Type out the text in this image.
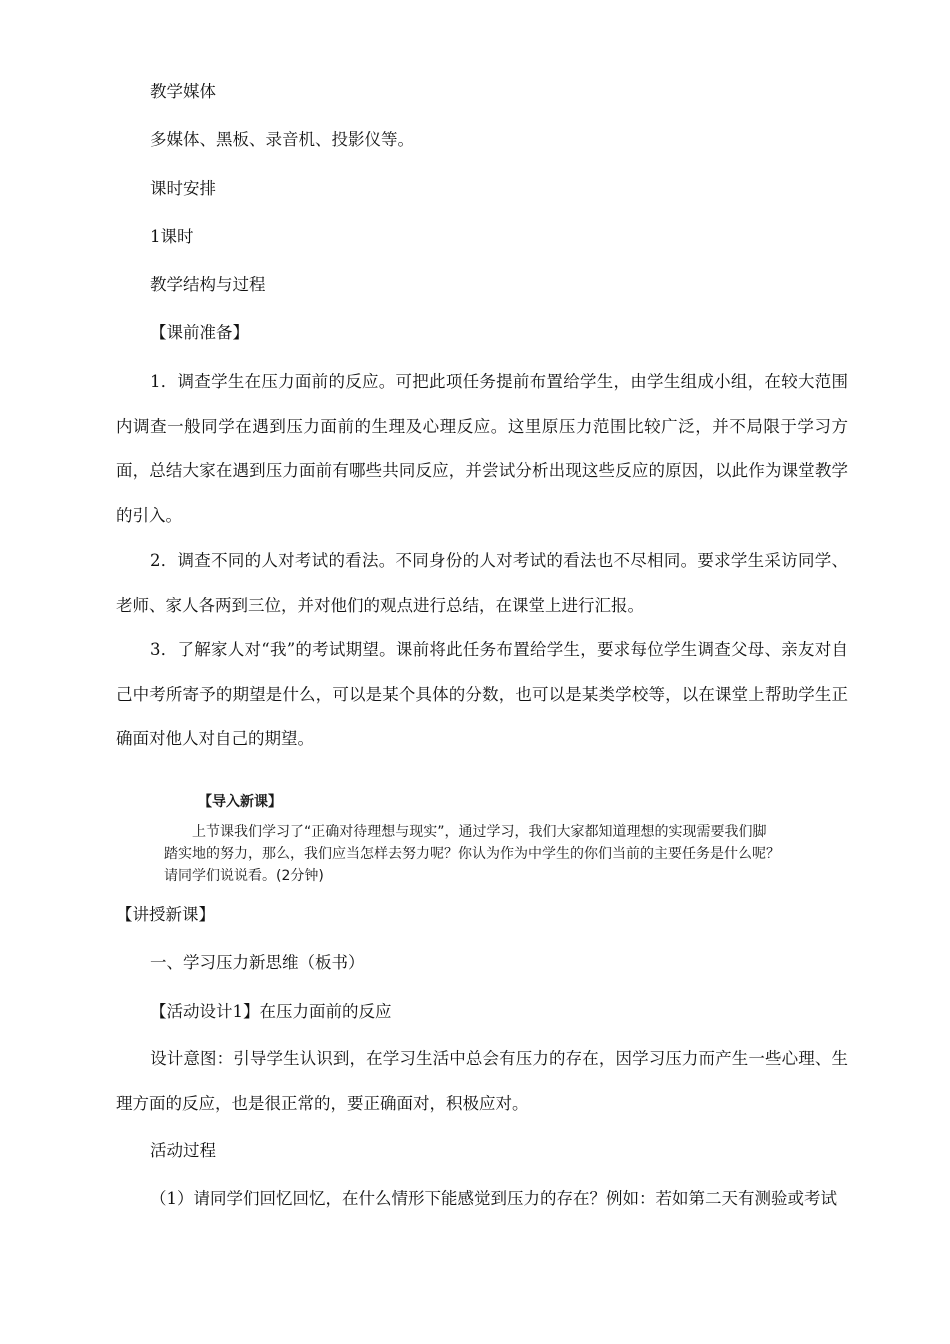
教学媒体
多媒体、黑板、录音机、投影仪等。
课时安排
1课时
教学结构与过程
【课前准备】
1．调查学生在压力面前的反应。可把此项任务提前布置给学生，由学生组成小组，在较大范围内调查一般同学在遇到压力面前的生理及心理反应。这里原压力范围比较广泛，并不局限于学习方面，总结大家在遇到压力面前有哪些共同反应，并尝试分析出现这些反应的原因，以此作为课堂教学的引入。
2．调查不同的人对考试的看法。不同身份的人对考试的看法也不尽相同。要求学生采访同学、老师、家人各两到三位，并对他们的观点进行总结，在课堂上进行汇报。
3．了解家人对“我”的考试期望。课前将此任务布置给学生，要求每位学生调查父母、亲友对自己中考所寄予的期望是什么，可以是某个具体的分数，也可以是某类学校等，以在课堂上帮助学生正确面对他人对自己的期望。
【导入新课】
上节课我们学习了“正确对待理想与现实”，通过学习，我们大家都知道理想的实现需要我们脚
踏实地的努力，那么，我们应当怎样去努力呢？你认为作为中学生的你们当前的主要任务是什么呢？
请同学们说说看。(2分钟)
【讲授新课】
一、学习压力新思维（板书）
【活动设计1】在压力面前的反应
设计意图：引导学生认识到，在学习生活中总会有压力的存在，因学习压力而产生一些心理、生理方面的反应，也是很正常的，要正确面对，积极应对。
活动过程
（1）请同学们回忆回忆，在什么情形下能感觉到压力的存在？例如：若如第二天有测验或考试
